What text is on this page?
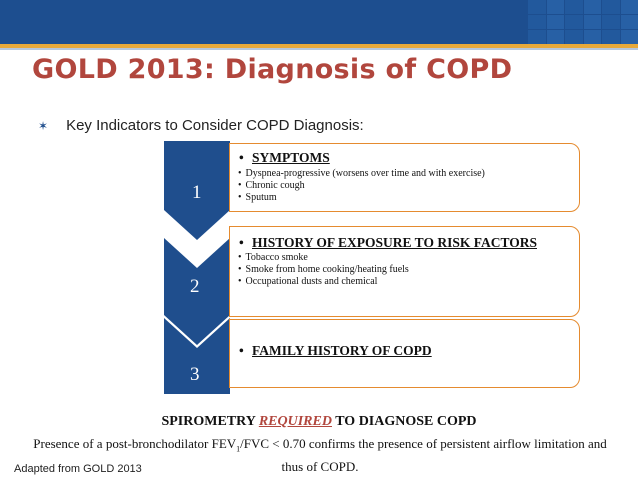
GOLD 2013: Diagnosis of COPD
✶ Key Indicators to Consider COPD Diagnosis:
1
2
3
• SYMPTOMS
• Dyspnea-progressive (worsens over time and with exercise)
• Chronic cough
• Sputum
• HISTORY OF EXPOSURE TO RISK FACTORS
• Tobacco smoke
• Smoke from home cooking/heating fuels
• Occupational dusts and chemical
• FAMILY HISTORY OF COPD
SPIROMETRY REQUIRED TO DIAGNOSE COPD
Presence of a post-bronchodilator $FEV_1$/FVC < 0.70 confirms the presence of persistent airflow limitation and thus of COPD.
Adapted from GOLD 2013
